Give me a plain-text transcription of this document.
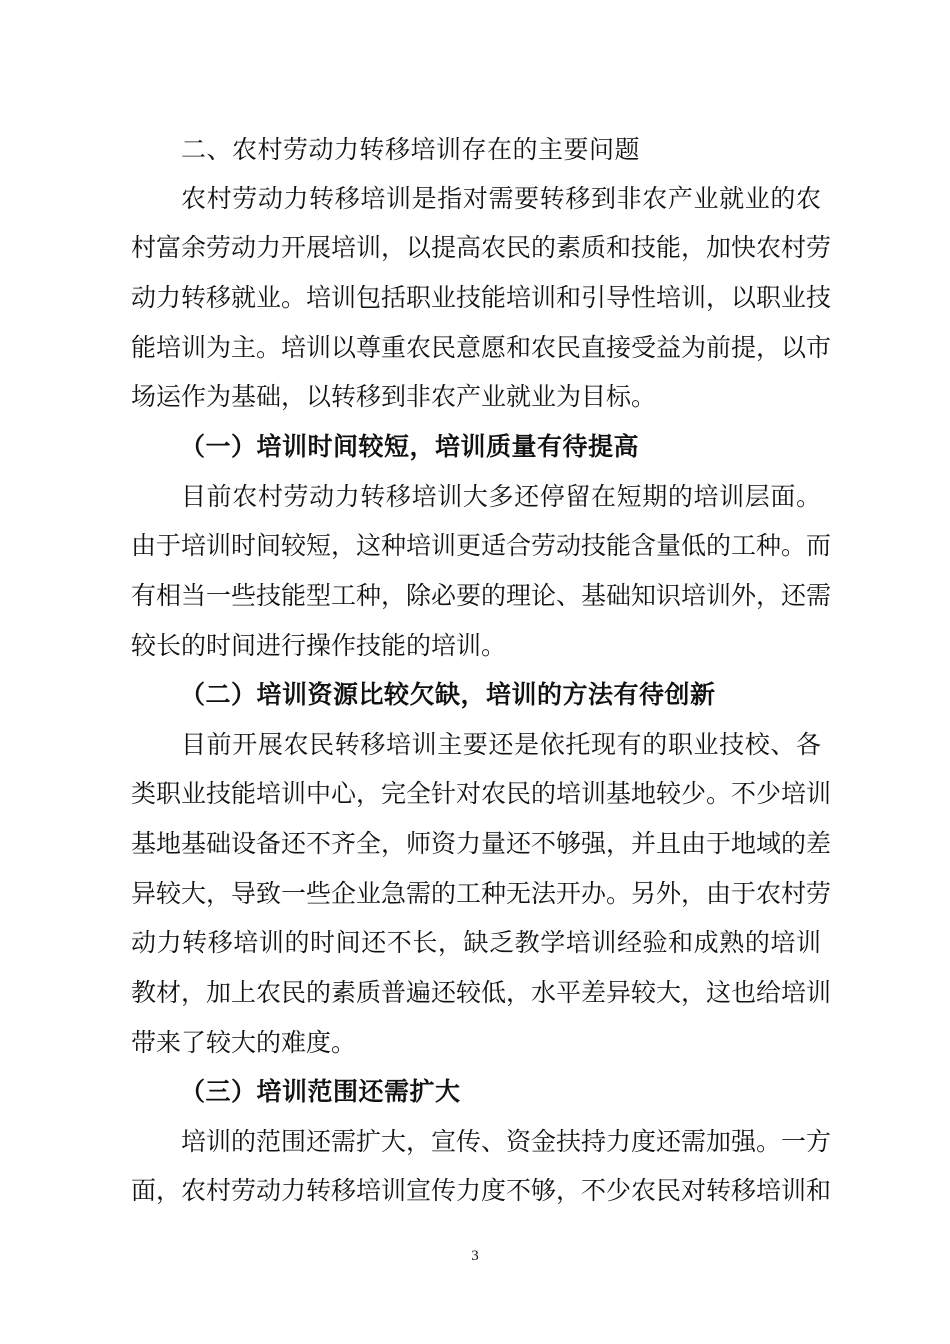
二、农村劳动力转移培训存在的主要问题
农村劳动力转移培训是指对需要转移到非农产业就业的农
村富余劳动力开展培训，以提高农民的素质和技能，加快农村劳
动力转移就业。培训包括职业技能培训和引导性培训，以职业技
能培训为主。培训以尊重农民意愿和农民直接受益为前提，以市
场运作为基础，以转移到非农产业就业为目标。
（一）培训时间较短，培训质量有待提高
目前农村劳动力转移培训大多还停留在短期的培训层面。
由于培训时间较短，这种培训更适合劳动技能含量低的工种。而
有相当一些技能型工种，除必要的理论、基础知识培训外，还需
较长的时间进行操作技能的培训。
（二）培训资源比较欠缺，培训的方法有待创新
目前开展农民转移培训主要还是依托现有的职业技校、各
类职业技能培训中心，完全针对农民的培训基地较少。不少培训
基地基础设备还不齐全，师资力量还不够强，并且由于地域的差
异较大，导致一些企业急需的工种无法开办。另外，由于农村劳
动力转移培训的时间还不长，缺乏教学培训经验和成熟的培训
教材，加上农民的素质普遍还较低，水平差异较大，这也给培训
带来了较大的难度。
（三）培训范围还需扩大
培训的范围还需扩大，宣传、资金扶持力度还需加强。一方
面，农村劳动力转移培训宣传力度不够，不少农民对转移培训和
3
